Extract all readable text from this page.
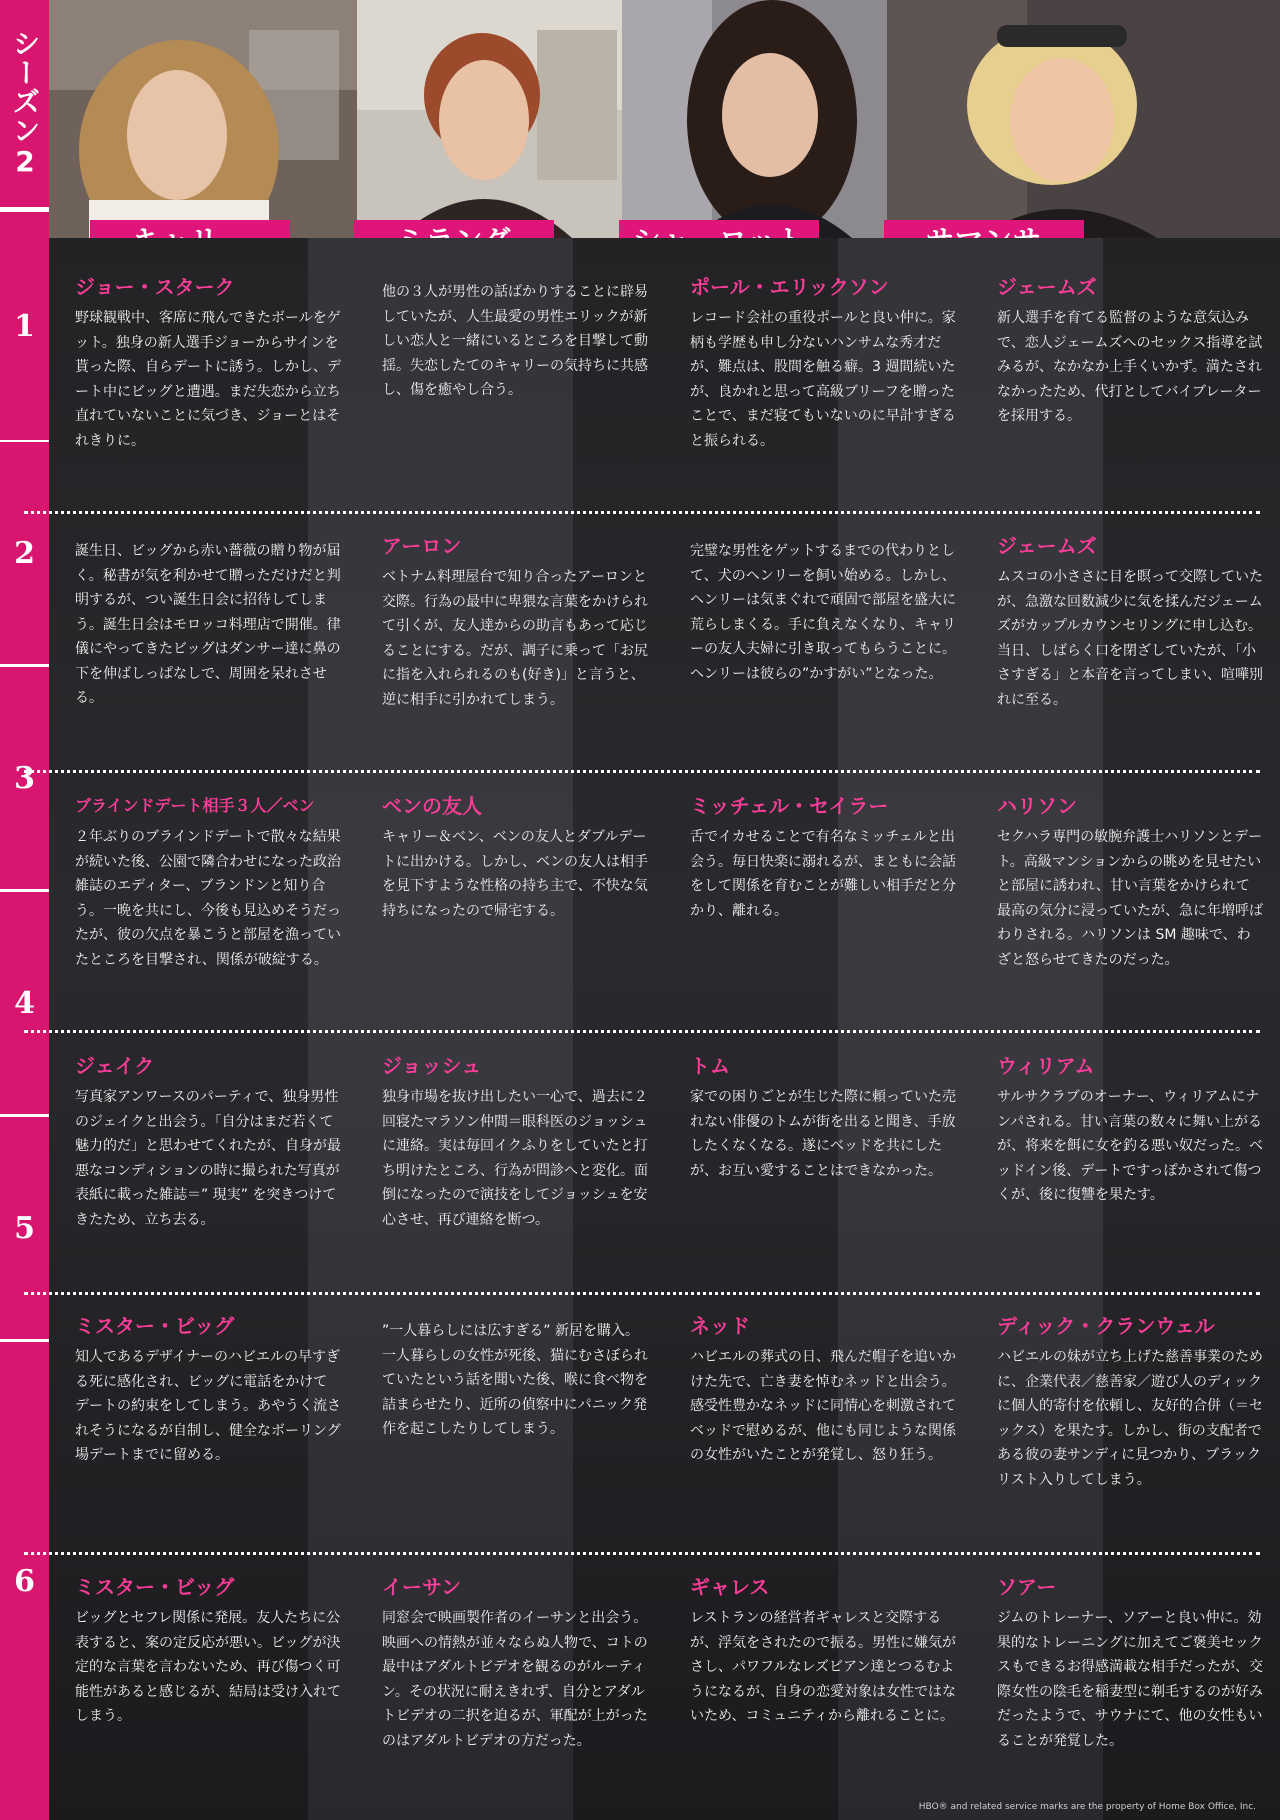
シーズン2
1
2
3
4
5
6
ジョー・スターク

野球観戦中、客席に飛んできたボールをゲット。独身の新人選手ジョーからサインを貰った際、自らデートに誘う。しかし、デート中にビッグと遭遇。まだ失恋から立ち直れていないことに気づき、ジョーとはそれきりに。

他の３人が男性の話ばかりすることに辟易していたが、人生最愛の男性エリックが新しい恋人と一緒にいるところを目撃して動揺。失恋したてのキャリーの気持ちに共感し、傷を癒やし合う。

ポール・エリックソン

レコード会社の重役ポールと良い仲に。家柄も学歴も申し分ないハンサムな秀才だが、難点は、股間を触る癖。3 週間続いたが、良かれと思って高級ブリーフを贈ったことで、まだ寝てもいないのに早計すぎると振られる。

ジェームズ

新人選手を育てる監督のような意気込みで、恋人ジェームズへのセックス指導を試みるが、なかなか上手くいかず。満たされなかったため、代打としてバイブレーターを採用する。

誕生日、ビッグから赤い薔薇の贈り物が届く。秘書が気を利かせて贈っただけだと判明するが、つい誕生日会に招待してしまう。誕生日会はモロッコ料理店で開催。律儀にやってきたビッグはダンサー達に鼻の下を伸ばしっぱなしで、周囲を呆れさせる。

アーロン

ベトナム料理屋台で知り合ったアーロンと交際。行為の最中に卑猥な言葉をかけられて引くが、友人達からの助言もあって応じることにする。だが、調子に乗って「お尻に指を入れられるのも(好き)」と言うと、逆に相手に引かれてしまう。

完璧な男性をゲットするまでの代わりとして、犬のヘンリーを飼い始める。しかし、ヘンリーは気まぐれで頑固で部屋を盛大に荒らしまくる。手に負えなくなり、キャリーの友人夫婦に引き取ってもらうことに。ヘンリーは彼らの”かすがい”となった。

ジェームズ

ムスコの小ささに目を瞑って交際していたが、急激な回数減少に気を揉んだジェームズがカップルカウンセリングに申し込む。当日、しばらく口を閉ざしていたが、「小さすぎる」と本音を言ってしまい、喧嘩別れに至る。

ブラインドデート相手３人／ベン

２年ぶりのブラインドデートで散々な結果が続いた後、公園で隣合わせになった政治雑誌のエディター、ブランドンと知り合う。一晩を共にし、今後も見込めそうだったが、彼の欠点を暴こうと部屋を漁っていたところを目撃され、関係が破綻する。

ベンの友人

キャリー＆ベン、ベンの友人とダブルデートに出かける。しかし、ベンの友人は相手を見下すような性格の持ち主で、不快な気持ちになったので帰宅する。

ミッチェル・セイラー

舌でイカせることで有名なミッチェルと出会う。毎日快楽に溺れるが、まともに会話をして関係を育むことが難しい相手だと分かり、離れる。

ハリソン

セクハラ専門の敏腕弁護士ハリソンとデート。高級マンションからの眺めを見せたいと部屋に誘われ、甘い言葉をかけられて最高の気分に浸っていたが、急に年増呼ばわりされる。ハリソンは SM 趣味で、わざと怒らせてきたのだった。

ジェイク

写真家アンワースのパーティで、独身男性のジェイクと出会う。「自分はまだ若くて魅力的だ」と思わせてくれたが、自身が最悪なコンディションの時に撮られた写真が表紙に載った雑誌＝” 現実” を突きつけてきたため、立ち去る。

ジョッシュ

独身市場を抜け出したい一心で、過去に２回寝たマラソン仲間＝眼科医のジョッシュに連絡。実は毎回イクふりをしていたと打ち明けたところ、行為が問診へと変化。面倒になったので演技をしてジョッシュを安心させ、再び連絡を断つ。

トム

家での困りごとが生じた際に頼っていた売れない俳優のトムが街を出ると聞き、手放したくなくなる。遂にベッドを共にしたが、お互い愛することはできなかった。

ウィリアム

サルサクラブのオーナー、ウィリアムにナンパされる。甘い言葉の数々に舞い上がるが、将来を餌に女を釣る悪い奴だった。ベッドイン後、デートですっぽかされて傷つくが、後に復讐を果たす。

ミスター・ビッグ

知人であるデザイナーのハビエルの早すぎる死に感化され、ビッグに電話をかけてデートの約束をしてしまう。あやうく流されそうになるが自制し、健全なボーリング場デートまでに留める。

”一人暮らしには広すぎる” 新居を購入。一人暮らしの女性が死後、猫にむさぼられていたという話を聞いた後、喉に食べ物を詰まらせたり、近所の偵察中にパニック発作を起こしたりしてしまう。

ネッド

ハビエルの葬式の日、飛んだ帽子を追いかけた先で、亡き妻を悼むネッドと出会う。感受性豊かなネッドに同情心を刺激されてベッドで慰めるが、他にも同じような関係の女性がいたことが発覚し、怒り狂う。

ディック・クランウェル

ハビエルの妹が立ち上げた慈善事業のために、企業代表／慈善家／遊び人のディックに個人的寄付を依頼し、友好的合併（＝セックス）を果たす。しかし、街の支配者である彼の妻サンディに見つかり、ブラックリスト入りしてしまう。

ミスター・ビッグ

ビッグとセフレ関係に発展。友人たちに公表すると、案の定反応が悪い。ビッグが決定的な言葉を言わないため、再び傷つく可能性があると感じるが、結局は受け入れてしまう。

イーサン

同窓会で映画製作者のイーサンと出会う。映画への情熱が並々ならぬ人物で、コトの最中はアダルトビデオを観るのがルーティン。その状況に耐えきれず、自分とアダルトビデオの二択を迫るが、軍配が上がったのはアダルトビデオの方だった。

ギャレス

レストランの経営者ギャレスと交際するが、浮気をされたので振る。男性に嫌気がさし、パワフルなレズビアン達とつるむようになるが、自身の恋愛対象は女性ではないため、コミュニティから離れることに。

ソアー

ジムのトレーナー、ソアーと良い仲に。効果的なトレーニングに加えてご褒美セックスもできるお得感満載な相手だったが、交際女性の陰毛を稲妻型に剃毛するのが好みだったようで、サウナにて、他の女性もいることが発覚した。

HBO® and related service marks are the property of Home Box Office, Inc.
